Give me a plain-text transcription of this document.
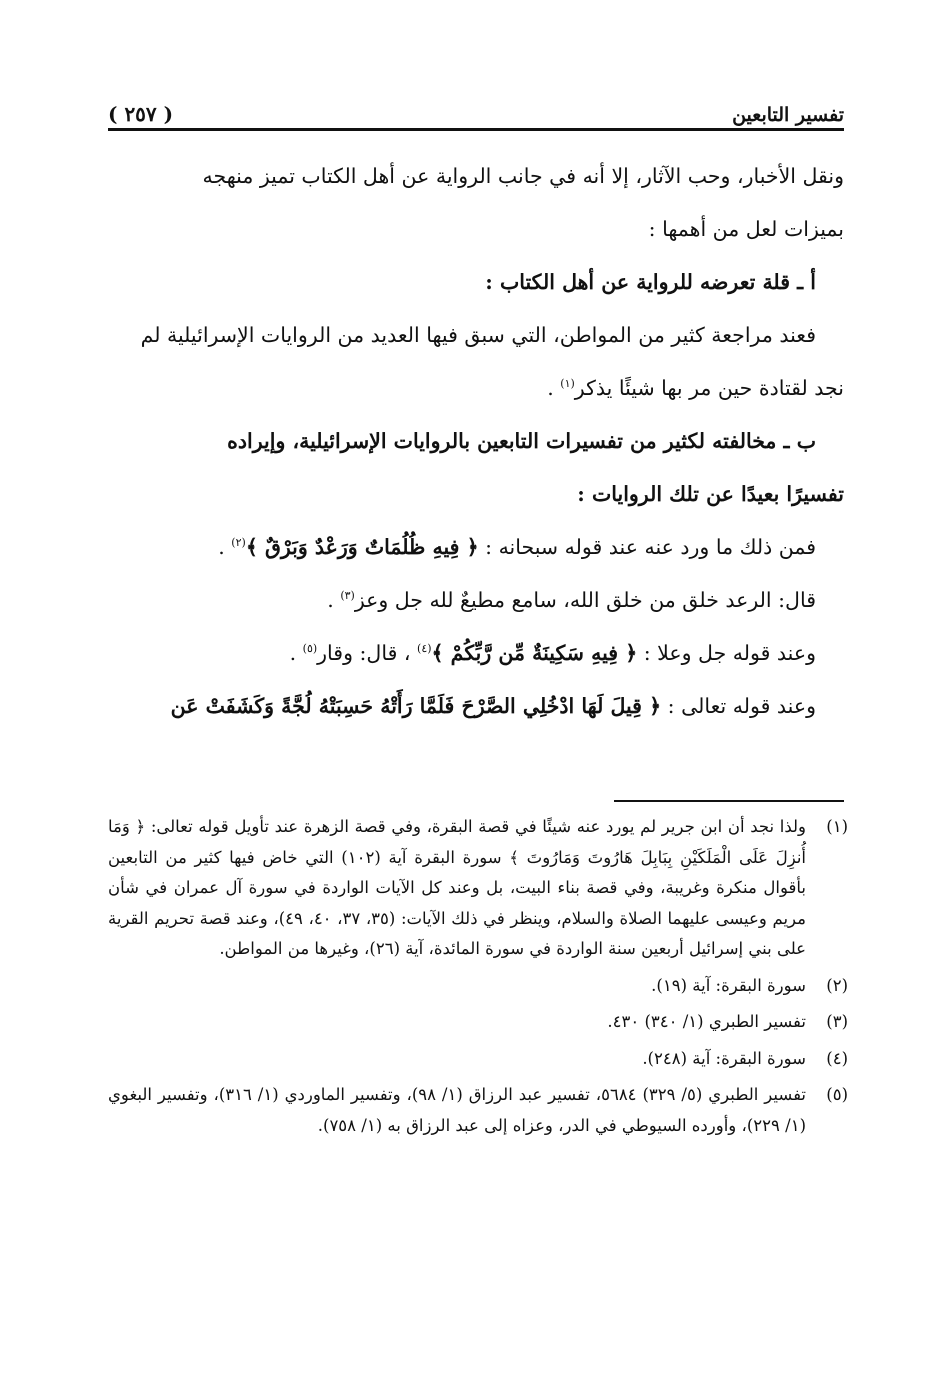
تفسير التابعين
( ٢٥٧ )

ونقل الأخبار، وحب الآثار، إلا أنه في جانب الرواية عن أهل الكتاب تميز منهجه

بميزات لعل من أهمها :

أ ـ قلة تعرضه للرواية عن أهل الكتاب :

فعند مراجعة كثير من المواطن، التي سبق فيها العديد من الروايات الإسرائيلية لم

نجد لقتادة حين مر بها شيئًا يذكر$^{(١)}$ .

ب ـ مخالفته لكثير من تفسيرات التابعين بالروايات الإسرائيلية، وإيراده

تفسيرًا بعيدًا عن تلك الروايات :

فمن ذلك ما ورد عنه عند قوله سبحانه : ﴿ فِيهِ ظُلُمَاتٌ وَرَعْدٌ وَبَرْقٌ ﴾$^{(٢)}$ .

قال: الرعد خلق من خلق الله، سامع مطيعٌ لله جل وعز$^{(٣)}$ .

وعند قوله جل وعلا : ﴿ فِيهِ سَكِينَةٌ مِّن رَّبِّكُمْ ﴾$^{(٤)}$ ، قال: وقار$^{(٥)}$ .

وعند قوله تعالى : ﴿ قِيلَ لَهَا ادْخُلِي الصَّرْحَ فَلَمَّا رَأَتْهُ حَسِبَتْهُ لُجَّةً وَكَشَفَتْ عَن

(١)
ولذا نجد أن ابن جرير لم يورد عنه شيئًا في قصة البقرة، وفي قصة الزهرة عند تأويل قوله تعالى: ﴿ وَمَا أُنزِلَ عَلَى الْمَلَكَيْنِ بِبَابِلَ هَارُوتَ وَمَارُوتَ ﴾ سورة البقرة آية (١٠٢) التي خاض فيها كثير من التابعين بأقوال منكرة وغريبة، وفي قصة بناء البيت، بل وعند كل الآيات الواردة في سورة آل عمران في شأن مريم وعيسى عليهما الصلاة والسلام، وينظر في ذلك الآيات: (٣٥، ٣٧، ٤٠، ٤٩)، وعند قصة تحريم القرية على بني إسرائيل أربعين سنة الواردة في سورة المائدة، آية (٢٦)، وغيرها من المواطن.
(٢)
سورة البقرة: آية (١٩).
(٣)
تفسير الطبري (١/ ٣٤٠) ٤٣٠.
(٤)
سورة البقرة: آية (٢٤٨).
(٥)
تفسير الطبري (٥/ ٣٢٩) ٥٦٨٤، تفسير عبد الرزاق (١/ ٩٨)، وتفسير الماوردي (١/ ٣١٦)، وتفسير البغوي (١/ ٢٢٩)، وأورده السيوطي في الدر، وعزاه إلى عبد الرزاق به (١/ ٧٥٨).
